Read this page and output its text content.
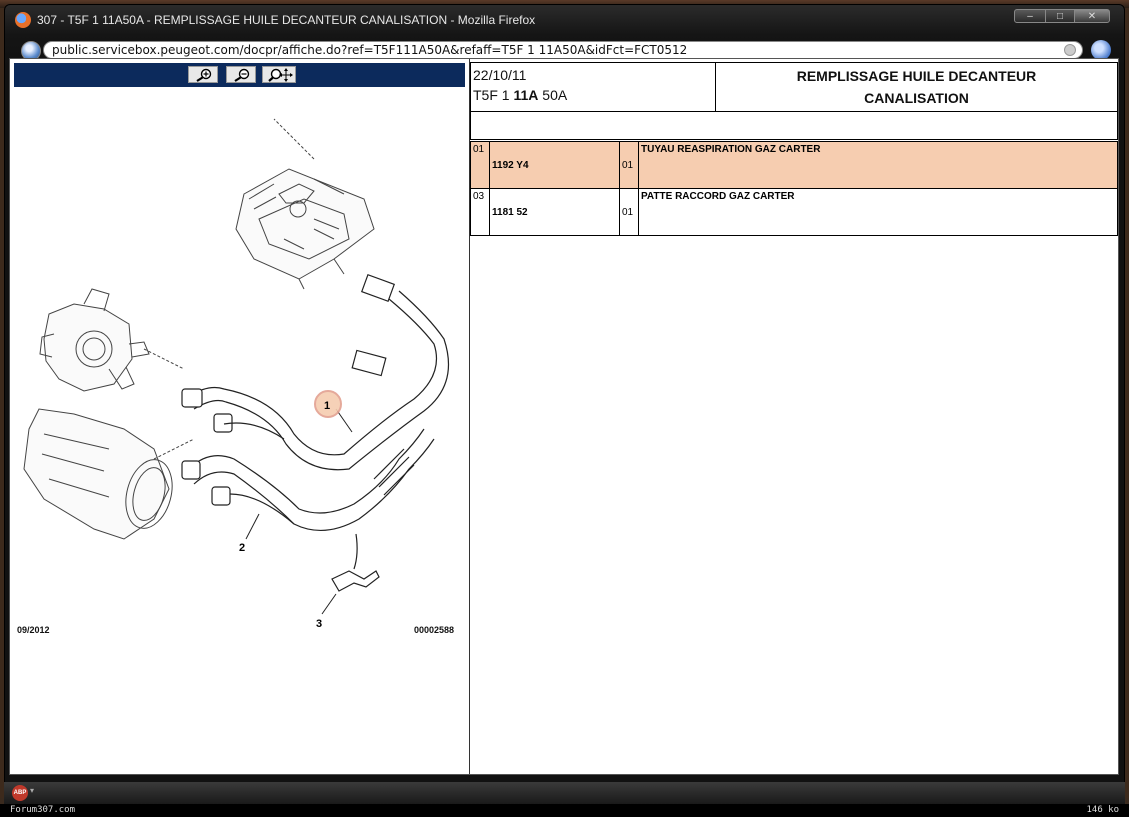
307 - T5F 1 11A50A - REMPLISSAGE HUILE DECANTEUR CANALISATION - Mozilla Firefox	–	□	✕
public.servicebox.peugeot.com/docpr/affiche.do?ref=T5F111A50A&refaff=T5F 1 11A50A&idFct=FCT0512
1
2
3
09/2012	00002588
22/10/11
T5F 1 11A 50A

REMPLISSAGE HUILE DECANTEUR
CANALISATION
01	1192 Y4	01	TUYAU REASPIRATION GAZ CARTER
03	1181 52	01	PATTE RACCORD GAZ CARTER
ABP ▾
Forum307.com	146 ko
